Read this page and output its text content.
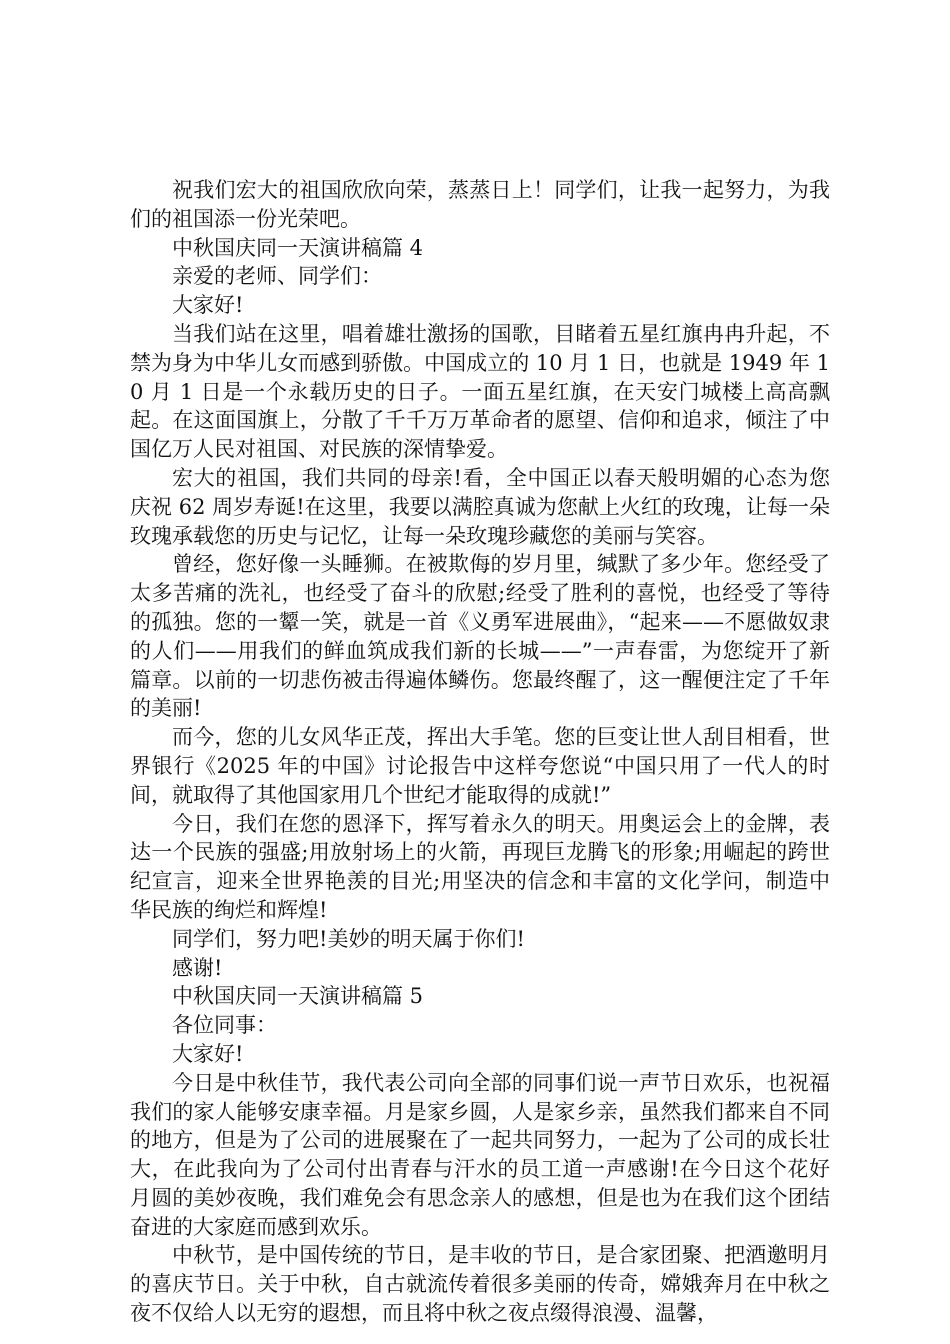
祝我们宏大的祖国欣欣向荣，蒸蒸日上！同学们，让我一起努力，为我们的祖国添一份光荣吧。

中秋国庆同一天演讲稿篇 4

亲爱的老师、同学们：

大家好!

当我们站在这里，唱着雄壮激扬的国歌，目睹着五星红旗冉冉升起，不禁为身为中华儿女而感到骄傲。中国成立的 10 月 1 日，也就是 1949 年 10 月 1 日是一个永载历史的日子。一面五星红旗，在天安门城楼上高高飘起。在这面国旗上，分散了千千万万革命者的愿望、信仰和追求，倾注了中国亿万人民对祖国、对民族的深情挚爱。

宏大的祖国，我们共同的母亲!看，全中国正以春天般明媚的心态为您庆祝 62 周岁寿诞!在这里，我要以满腔真诚为您献上火红的玫瑰，让每一朵玫瑰承载您的历史与记忆，让每一朵玫瑰珍藏您的美丽与笑容。

曾经，您好像一头睡狮。在被欺侮的岁月里，缄默了多少年。您经受了太多苦痛的洗礼，也经受了奋斗的欣慰;经受了胜利的喜悦，也经受了等待的孤独。您的一颦一笑，就是一首《义勇军进展曲》，“起来——不愿做奴隶的人们——用我们的鲜血筑成我们新的长城——”一声春雷，为您绽开了新篇章。以前的一切悲伤被击得遍体鳞伤。您最终醒了，这一醒便注定了千年的美丽!

而今，您的儿女风华正茂，挥出大手笔。您的巨变让世人刮目相看，世界银行《2025 年的中国》讨论报告中这样夸您说“中国只用了一代人的时间，就取得了其他国家用几个世纪才能取得的成就!”

今日，我们在您的恩泽下，挥写着永久的明天。用奥运会上的金牌，表达一个民族的强盛;用放射场上的火箭，再现巨龙腾飞的形象;用崛起的跨世纪宣言，迎来全世界艳羡的目光;用坚决的信念和丰富的文化学问，制造中华民族的绚烂和辉煌!

同学们，努力吧!美妙的明天属于你们!

感谢!

中秋国庆同一天演讲稿篇 5

各位同事：

大家好!

今日是中秋佳节，我代表公司向全部的同事们说一声节日欢乐，也祝福我们的家人能够安康幸福。月是家乡圆，人是家乡亲，虽然我们都来自不同的地方，但是为了公司的进展聚在了一起共同努力，一起为了公司的成长壮大，在此我向为了公司付出青春与汗水的员工道一声感谢!在今日这个花好月圆的美妙夜晚，我们难免会有思念亲人的感想，但是也为在我们这个团结奋进的大家庭而感到欢乐。

中秋节，是中国传统的节日，是丰收的节日，是合家团聚、把酒邀明月的喜庆节日。关于中秋，自古就流传着很多美丽的传奇，嫦娥奔月在中秋之夜不仅给人以无穷的遐想，而且将中秋之夜点缀得浪漫、温馨，
